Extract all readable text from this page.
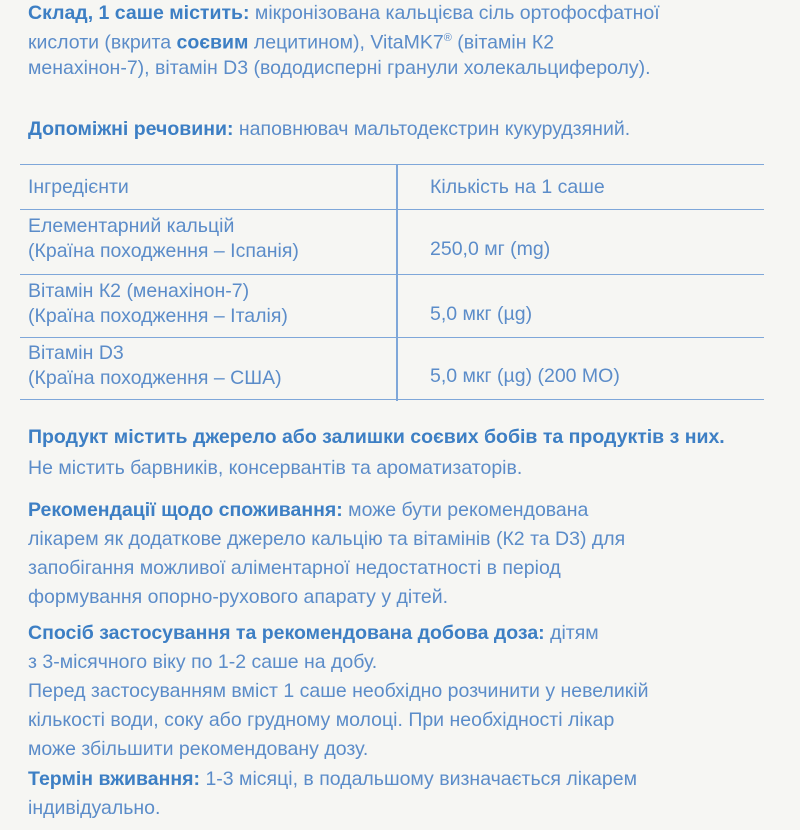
Склад, 1 саше містить: мікронізована кальцієва сіль ортофосфатної
кислоти (вкрита соєвим лецитином), VitaMK7® (вітамін К2
менахінон-7), вітамін D3 (вододисперні гранули холекальциферолу).
Допоміжні речовини: наповнювач мальтодекстрин кукурудзяний.
Інгредієнти	Кількість на 1 саше
Елементарний кальцій
(Країна походження – Іспанія)	250,0 мг (mg)
Вітамін К2 (менахінон-7)
(Країна походження – Італія)	5,0 мкг (µg)
Вітамін D3
(Країна походження – США)	5,0 мкг (µg) (200 МО)
Продукт містить джерело або залишки соєвих бобів та продуктів з них.
Не містить барвників, консервантів та ароматизаторів.
Рекомендації щодо споживання: може бути рекомендована
лікарем як додаткове джерело кальцію та вітамінів (К2 та D3) для
запобігання можливої аліментарної недостатності в період
формування опорно-рухового апарату у дітей.
Спосіб застосування та рекомендована добова доза: дітям
з 3-місячного віку по 1-2 саше на добу.
Перед застосуванням вміст 1 саше необхідно розчинити у невеликій
кількості води, соку або грудному молоці. При необхідності лікар
може збільшити рекомендовану дозу.
Термін вживання: 1-3 місяці, в подальшому визначається лікарем
індивідуально.
